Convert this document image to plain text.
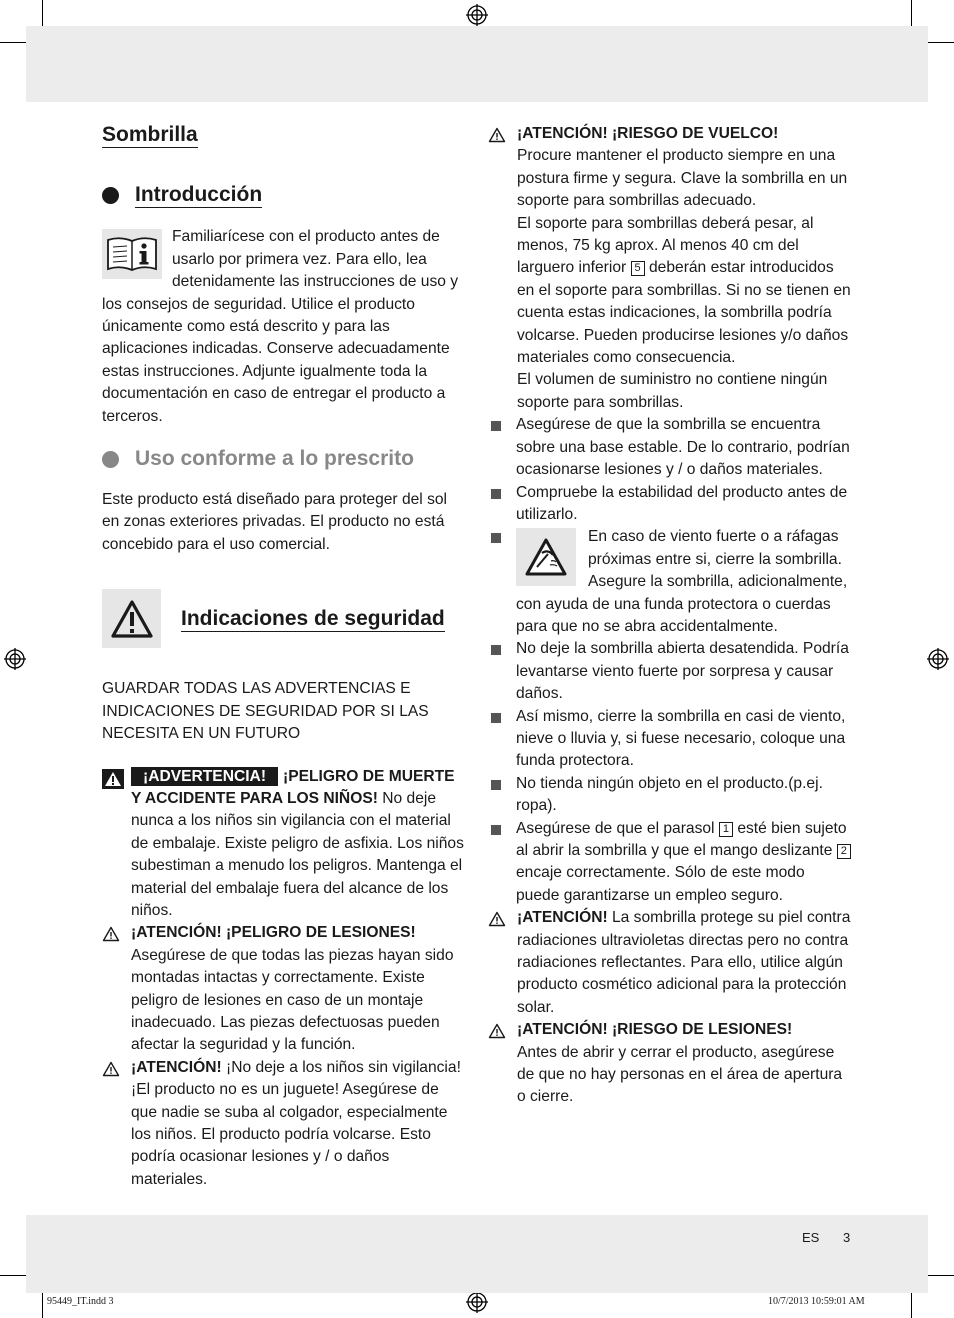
ES 3
95449_IT.indd 3	10/7/2013 10:59:01 AM
Sombrilla
Introducción

Familiarícese con el producto antes de usarlo por primera vez. Para ello, lea detenidamente las instrucciones de uso y los consejos de seguridad. Utilice el producto únicamente como está descrito y para las aplicaciones indicadas. Conserve adecuadamente estas instrucciones. Adjunte igualmente toda la documentación en caso de entregar el producto a terceros.

Uso conforme a lo prescrito

Este producto está diseñado para proteger del sol en zonas exteriores privadas. El producto no está concebido para el uso comercial.

Indicaciones de seguridad

GUARDAR TODAS LAS ADVERTENCIAS E INDICACIONES DE SEGURIDAD POR SI LAS NECESITA EN UN FUTURO

¡ADVERTENCIA! ¡PELIGRO DE MUERTE Y ACCIDENTE PARA LOS NIÑOS! No deje nunca a los niños sin vigilancia con el material de embalaje. Existe peligro de asfixia. Los niños subestiman a menudo los peligros. Mantenga el material del embalaje fuera del alcance de los niños.

¡ATENCIÓN! ¡PELIGRO DE LESIONES!

Asegúrese de que todas las piezas hayan sido montadas intactas y correctamente. Existe peligro de lesiones en caso de un montaje inadecuado. Las piezas defectuosas pueden afectar la seguridad y la función.

¡ATENCIÓN! ¡No deje a los niños sin vigilancia! ¡El producto no es un juguete! Asegúrese de que nadie se suba al colgador, especialmente los niños. El producto podría volcarse. Esto podría ocasionar lesiones y / o daños materiales.

¡ATENCIÓN! ¡RIESGO DE VUELCO!

Procure mantener el producto siempre en una postura firme y segura. Clave la sombrilla en un soporte para sombrillas adecuado.

El soporte para sombrillas deberá pesar, al menos, 75 kg aprox. Al menos 40 cm del larguero inferior 5 deberán estar introducidos en el soporte para sombrillas. Si no se tienen en cuenta estas indicaciones, la sombrilla podría volcarse. Pueden producirse lesiones y/o daños materiales como consecuencia.

El volumen de suministro no contiene ningún soporte para sombrillas.

Asegúrese de que la sombrilla se encuentra sobre una base estable. De lo contrario, podrían ocasionarse lesiones y / o daños materiales.

Compruebe la estabilidad del producto antes de utilizarlo.

En caso de viento fuerte o a ráfagas próximas entre si, cierre la sombrilla. Asegure la sombrilla, adicionalmente, con ayuda de una funda protectora o cuerdas para que no se abra accidentalmente.

No deje la sombrilla abierta desatendida. Podría levantarse viento fuerte por sorpresa y causar daños.

Así mismo, cierre la sombrilla en casi de viento, nieve o lluvia y, si fuese necesario, coloque una funda protectora.

No tienda ningún objeto en el producto.(p.ej. ropa).

Asegúrese de que el parasol 1 esté bien sujeto al abrir la sombrilla y que el mango deslizante 2 encaje correctamente. Sólo de este modo puede garantizarse un empleo seguro.

¡ATENCIÓN! La sombrilla protege su piel contra radiaciones ultravioletas directas pero no contra radiaciones reflectantes. Para ello, utilice algún producto cosmético adicional para la protección solar.

¡ATENCIÓN! ¡RIESGO DE LESIONES!

Antes de abrir y cerrar el producto, asegúrese de que no hay personas en el área de apertura o cierre.
